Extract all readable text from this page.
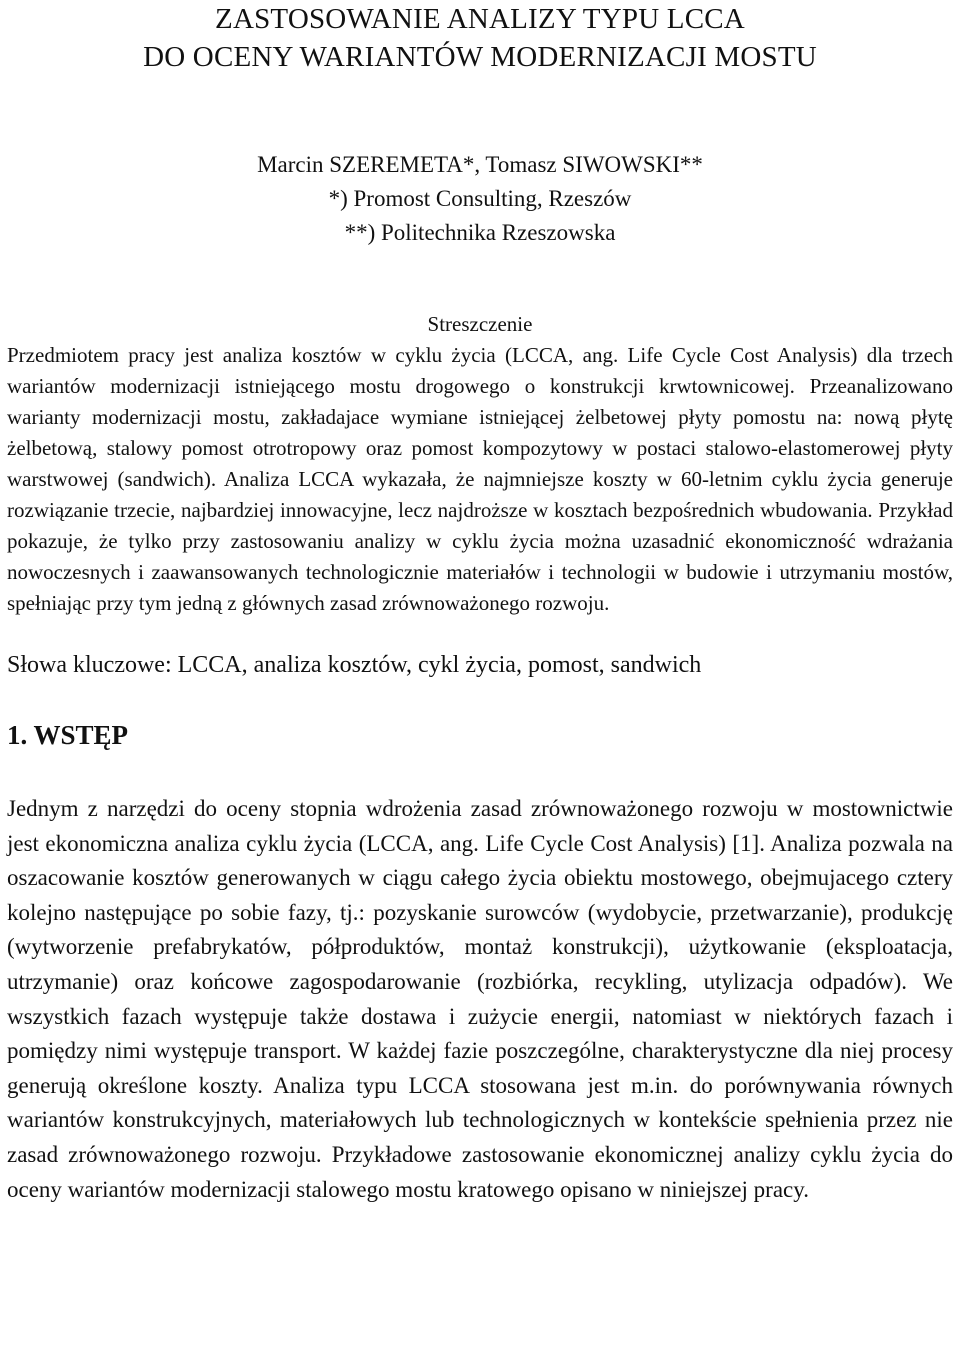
ZASTOSOWANIE ANALIZY TYPU LCCA
DO OCENY WARIANTÓW MODERNIZACJI MOSTU
Marcin SZEREMETA*, Tomasz SIWOWSKI**
*) Promost Consulting, Rzeszów
**) Politechnika Rzeszowska
Streszczenie

Przedmiotem pracy jest analiza kosztów w cyklu życia (LCCA, ang. Life Cycle Cost Analysis) dla trzech wariantów modernizacji istniejącego mostu drogowego o konstrukcji krwtownicowej. Przeanalizowano warianty modernizacji mostu, zakładajace wymiane istniejącej żelbetowej płyty pomostu na: nową płytę żelbetową, stalowy pomost otrotropowy oraz pomost kompozytowy w postaci stalowo-elastomerowej płyty warstwowej (sandwich). Analiza LCCA wykazała, że najmniejsze koszty w 60-letnim cyklu życia generuje rozwiązanie trzecie, najbardziej innowacyjne, lecz najdroższe w kosztach bezpośrednich wbudowania. Przykład pokazuje, że tylko przy zastosowaniu analizy w cyklu życia można uzasadnić ekonomiczność wdrażania nowoczesnych i zaawansowanych technologicznie materiałów i technologii w budowie i utrzymaniu mostów, spełniając przy tym jedną z głównych zasad zrównoważonego rozwoju.

Słowa kluczowe: LCCA, analiza kosztów, cykl życia, pomost, sandwich
1. WSTĘP

Jednym z narzędzi do oceny stopnia wdrożenia zasad zrównoważonego rozwoju w mostownictwie jest ekonomiczna analiza cyklu życia (LCCA, ang. Life Cycle Cost Analysis) [1]. Analiza pozwala na oszacowanie kosztów generowanych w ciągu całego życia obiektu mostowego, obejmujacego cztery kolejno następujące po sobie fazy, tj.: pozyskanie surowców (wydobycie, przetwarzanie), produkcję (wytworzenie prefabrykatów, półproduktów, montaż konstrukcji), użytkowanie (eksploatacja, utrzymanie) oraz końcowe zagospodarowanie (rozbiórka, recykling, utylizacja odpadów). We wszystkich fazach występuje także dostawa i zużycie energii, natomiast w niektórych fazach i pomiędzy nimi występuje transport. W każdej fazie poszczególne, charakterystyczne dla niej procesy generują określone koszty. Analiza typu LCCA stosowana jest m.in. do porównywania równych wariantów konstrukcyjnych, materiałowych lub technologicznych w kontekście spełnienia przez nie zasad zrównoważonego rozwoju. Przykładowe zastosowanie ekonomicznej analizy cyklu życia do oceny wariantów modernizacji stalowego mostu kratowego opisano w niniejszej pracy.
